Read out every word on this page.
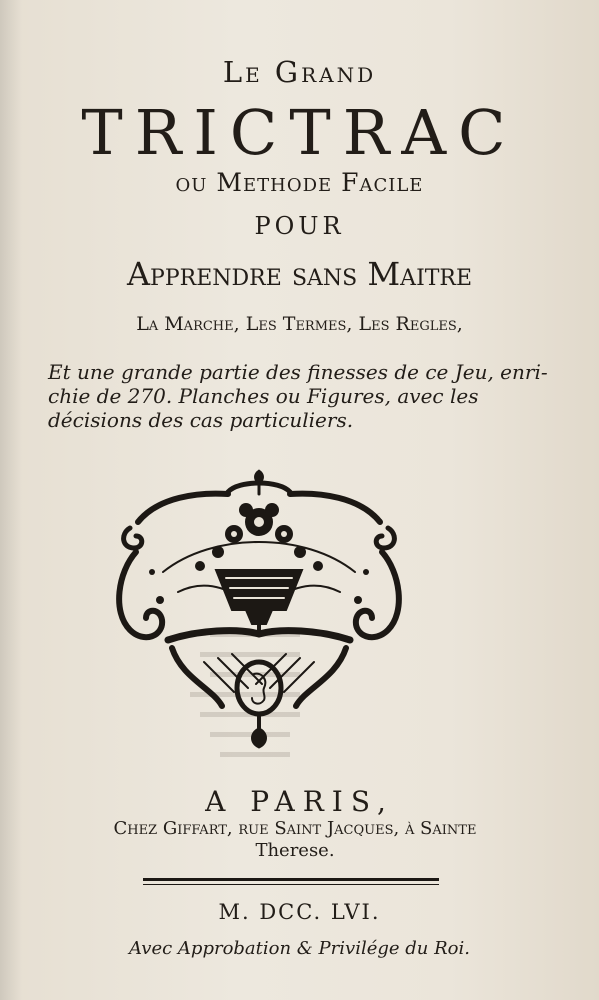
Le Grand
TRICTRAC
ou Methode Facile
POUR
Apprendre sans Maitre
La Marche, Les Termes, Les Regles,
Et une grande partie des finesses de ce Jeu, enri-
chie de 270. Planches ou Figures, avec les
décisions des cas particuliers.
A PARIS,
Chez Giffart, rue Saint Jacques, à Sainte
Therese.
M. DCC. LVI.
Avec Approbation & Privilége du Roi.
